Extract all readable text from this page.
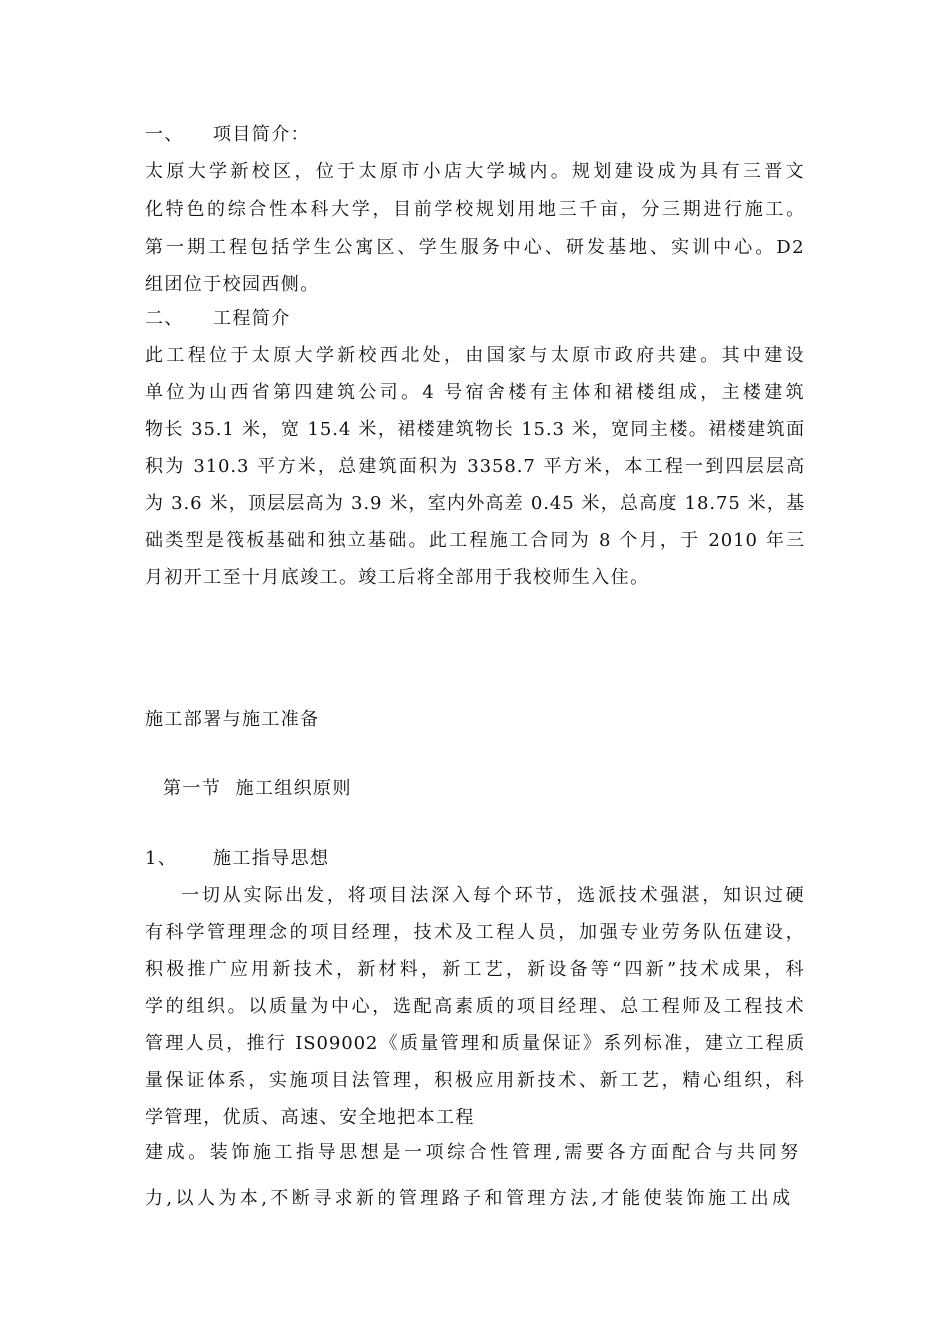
一、 项目简介：
太原大学新校区，位于太原市小店大学城内。规划建设成为具有三晋文
化特色的综合性本科大学，目前学校规划用地三千亩，分三期进行施工。
第一期工程包括学生公寓区、学生服务中心、研发基地、实训中心。D2
组团位于校园西侧。
二、 工程简介
此工程位于太原大学新校西北处，由国家与太原市政府共建。其中建设
单位为山西省第四建筑公司。4 号宿舍楼有主体和裙楼组成，主楼建筑
物长 35.1 米，宽 15.4 米，裙楼建筑物长 15.3 米，宽同主楼。裙楼建筑面
积为 310.3 平方米，总建筑面积为 3358.7 平方米，本工程一到四层层高
为 3.6 米，顶层层高为 3.9 米，室内外高差 0.45 米，总高度 18.75 米，基
础类型是筏板基础和独立基础。此工程施工合同为 8 个月，于 2010 年三
月初开工至十月底竣工。竣工后将全部用于我校师生入住。
施工部署与施工准备
第一节  施工组织原则
1、 施工指导思想
一切从实际出发，将项目法深入每个环节，选派技术强湛，知识过硬
有科学管理理念的项目经理，技术及工程人员，加强专业劳务队伍建设，
积极推广应用新技术，新材料，新工艺，新设备等“四新”技术成果，科
学的组织。以质量为中心，选配高素质的项目经理、总工程师及工程技术
管理人员，推行 IS09002《质量管理和质量保证》系列标准，建立工程质
量保证体系，实施项目法管理，积极应用新技术、新工艺，精心组织，科
学管理，优质、高速、安全地把本工程
建成。装饰施工指导思想是一项综合性管理,需要各方面配合与共同努
力,以人为本,不断寻求新的管理路子和管理方法,才能使装饰施工出成
